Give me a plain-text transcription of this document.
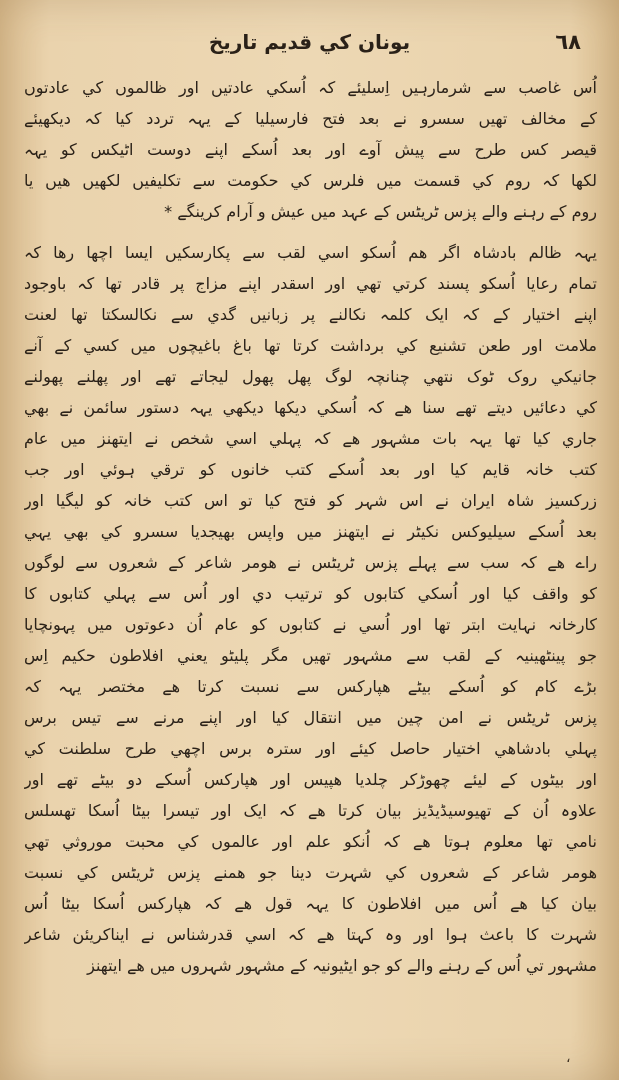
يونان كي قديم تاريخ	٦٨
اُس غاصب سے شرمارہیں اِسلیئے کہ اُسکي عادتیں اور ظالموں کي عادتوں
کے مخالف تھیں سسرو نے بعد فتح فارسیلیا کے یہہ تردد کیا کہ دیکھیئے
قیصر کس طرح سے پیش آوے اور بعد اُسکے اپنے دوست اٹیکس کو یہہ
لکھا کہ روم کي قسمت میں فلرس کي حکومت سے تکلیفیں لکھیں ھیں یا
روم کے رہنے والے پزس ٹریٹس کے عہد میں عیش و آرام کرینگے *
یہہ ظالم بادشاہ اگر ھم اُسکو اسي لقب سے پکارسکیں ایسا اچھا رھا کہ
تمام رعایا اُسکو پسند کرتي تھي اور اسقدر اپنے مزاج پر قادر تھا کہ باوجود
اپنے اختیار کے کہ ایک کلمہ نکالنے پر زبانیں گدي سے نکالسکتا تھا لعنت
ملامت اور طعن تشنیع کي برداشت کرتا تھا باغ باغیچوں میں کسي کے آنے
جانیکي روک ٹوک نتھي چنانچہ لوگ پھل پھول لیجاتے تھے اور پھلنے پھولنے
کي دعائیں دیتے تھے سنا ھے کہ اُسکي دیکھا دیکھي یہہ دستور سائمن نے بھي
جاري کیا تھا یہہ بات مشہور ھے کہ پہلي اسي شخص نے ایتھنز میں عام
کتب خانہ قایم کیا اور بعد اُسکے کتب خانوں کو ترقي ہوئي اور جب
زرکسیز شاہ ایران نے اس شہر کو فتح کیا تو اس کتب خانہ کو لیگیا اور
بعد اُسکے سیلیوکس نکیٹر نے ایتھنز میں واپس بھیجدیا سسرو کي بھي یہي
راے ھے کہ سب سے پہلے پزس ٹریٹس نے ھومر شاعر کے شعروں سے لوگوں
کو واقف کیا اور اُسکي کتابوں کو ترتیب دي اور اُس سے پہلي کتابوں کا
کارخانہ نہایت ابتر تھا اور اُسي نے کتابوں کو عام اُن دعوتوں میں پہونچایا
جو پینٹھینیہ کے لقب سے مشہور تھیں مگر پلیٹو یعني افلاطون حکیم اِس
بڑے کام کو اُسکے بیٹے ھپارکس سے نسبت کرتا ھے مختصر یہہ کہ
پزس ٹریٹس نے امن چین میں انتقال کیا اور اپنے مرنے سے تیس برس
پہلي بادشاھي اختیار حاصل کیئے اور سترہ برس اچھي طرح سلطنت کي
اور بیٹوں کے لیئے چھوڑکر چلدیا ھپیس اور ھپارکس اُسکے دو بیٹے تھے اور
علاوہ اُن کے تھیوسیڈیڈیز بیان کرتا ھے کہ ایک اور تیسرا بیٹا اُسکا تھسلس
نامي تھا معلوم ہوتا ھے کہ اُنکو علم اور عالموں کي محبت موروثي تھي
ھومر شاعر کے شعروں کي شہرت دینا جو ھمنے پزس ٹریٹس کي نسبت
بیان کیا ھے اُس میں افلاطون کا یہہ قول ھے کہ ھپارکس اُسکا بیٹا اُس
شہرت کا باعث ہوا اور وہ کہتا ھے کہ اسي قدرشناس نے ایناکریئن شاعر
مشہور تي اُس کے رہنے والے کو جو ایٹیونیہ کے مشہور شہروں میں ھے ایتھنز
،
